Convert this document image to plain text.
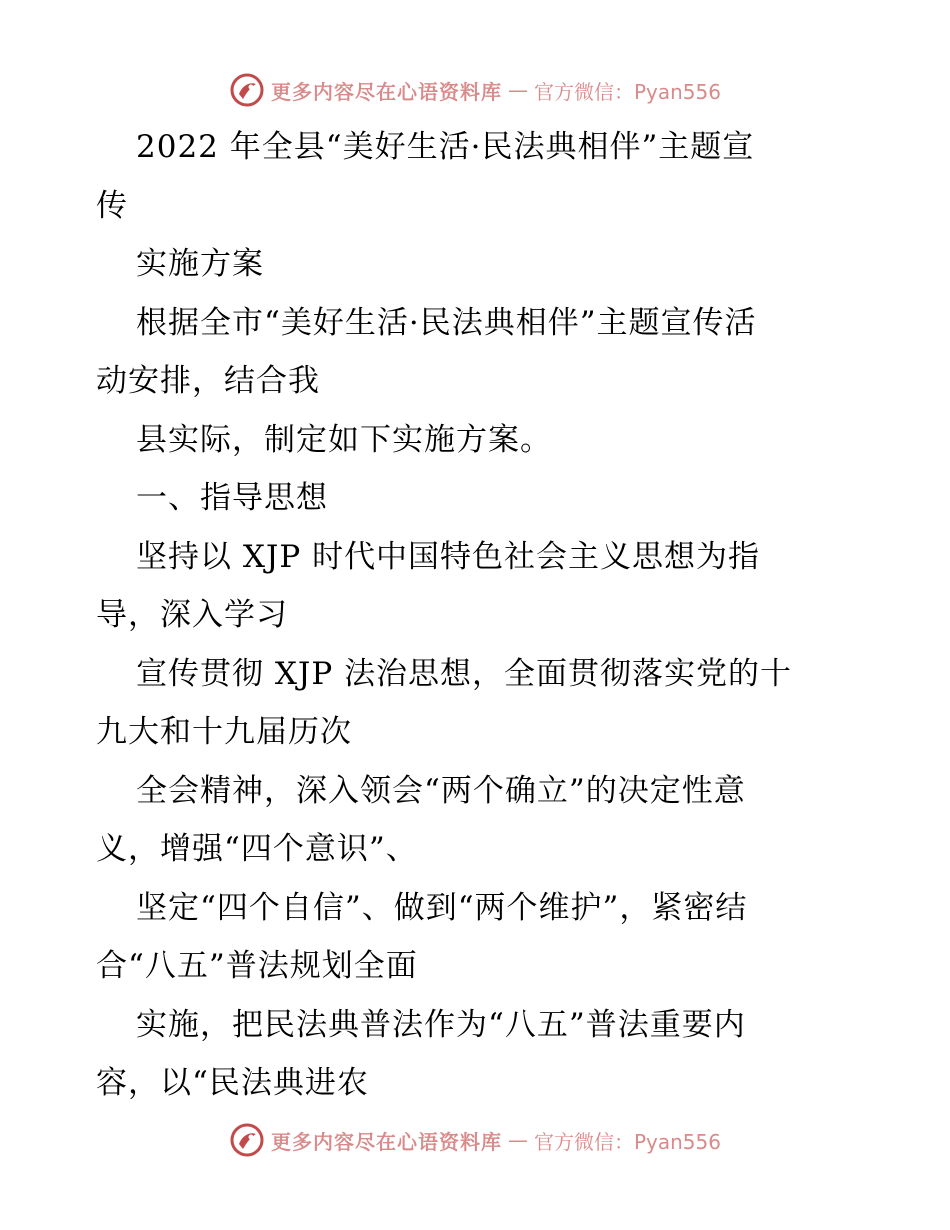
更多内容尽在心语资料库 — 官方微信：Pyan556
2022 年全县“美好生活·民法典相伴”主题宣
传
实施方案
根据全市“美好生活·民法典相伴”主题宣传活
动安排，结合我
县实际，制定如下实施方案。
一、指导思想
坚持以 XJP 时代中国特色社会主义思想为指
导，深入学习
宣传贯彻 XJP 法治思想，全面贯彻落实党的十
九大和十九届历次
全会精神，深入领会“两个确立”的决定性意
义，增强“四个意识”、
坚定“四个自信”、做到“两个维护”，紧密结
合“八五”普法规划全面
实施，把民法典普法作为“八五”普法重要内
容，以“民法典进农
更多内容尽在心语资料库 — 官方微信：Pyan556
